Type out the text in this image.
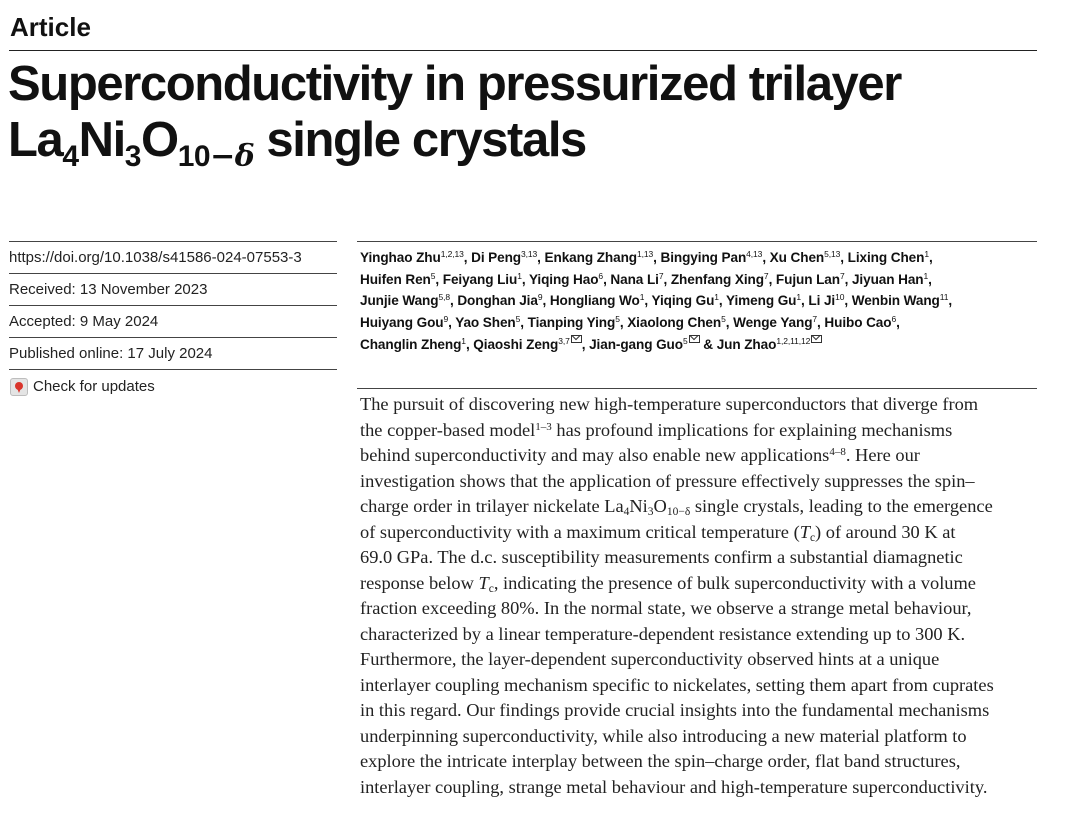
Article
Superconductivity in pressurized trilayer
$La_4Ni_3O_{10-\delta}$ single crystals
https://doi.org/10.1038/s41586-024-07553-3
Received: 13 November 2023
Accepted: 9 May 2024
Published online: 17 July 2024
Check for updates
Yinghao Zhu$^{1,2,13}$, Di Peng$^{3,13}$, Enkang Zhang$^{1,13}$, Bingying Pan$^{4,13}$, Xu Chen$^{5,13}$, Lixing Chen$^1$,
Huifen Ren$^5$, Feiyang Liu$^1$, Yiqing Hao$^6$, Nana Li$^7$, Zhenfang Xing$^7$, Fujun Lan$^7$, Jiyuan Han$^1$,
Junjie Wang$^{5,8}$, Donghan Jia$^9$, Hongliang Wo$^1$, Yiqing Gu$^1$, Yimeng Gu$^1$, Li Ji$^{10}$, Wenbin Wang$^{11}$,
Huiyang Gou$^9$, Yao Shen$^5$, Tianping Ying$^5$, Xiaolong Chen$^5$, Wenge Yang$^7$, Huibo Cao$^6$,
Changlin Zheng$^1$, Qiaoshi Zeng$^{3,7}$ , Jian-gang Guo$^5$ & Jun Zhao$^{1,2,11,12}$
The pursuit of discovering new high-temperature superconductors that diverge from
the copper-based model$^{1-3}$ has profound implications for explaining mechanisms
behind superconductivity and may also enable new applications$^{4-8}$. Here our
investigation shows that the application of pressure effectively suppresses the spin–
charge order in trilayer nickelate $La_4Ni_3O_{10-\delta}$ single crystals, leading to the emergence
of superconductivity with a maximum critical temperature $(T_c)$ of around 30 K at
69.0 GPa. The d.c. susceptibility measurements confirm a substantial diamagnetic
response below $T_c$, indicating the presence of bulk superconductivity with a volume
fraction exceeding 80%. In the normal state, we observe a strange metal behaviour,
characterized by a linear temperature-dependent resistance extending up to 300 K.
Furthermore, the layer-dependent superconductivity observed hints at a unique
interlayer coupling mechanism specific to nickelates, setting them apart from cuprates
in this regard. Our findings provide crucial insights into the fundamental mechanisms
underpinning superconductivity, while also introducing a new material platform to
explore the intricate interplay between the spin–charge order, flat band structures,
interlayer coupling, strange metal behaviour and high-temperature superconductivity.
